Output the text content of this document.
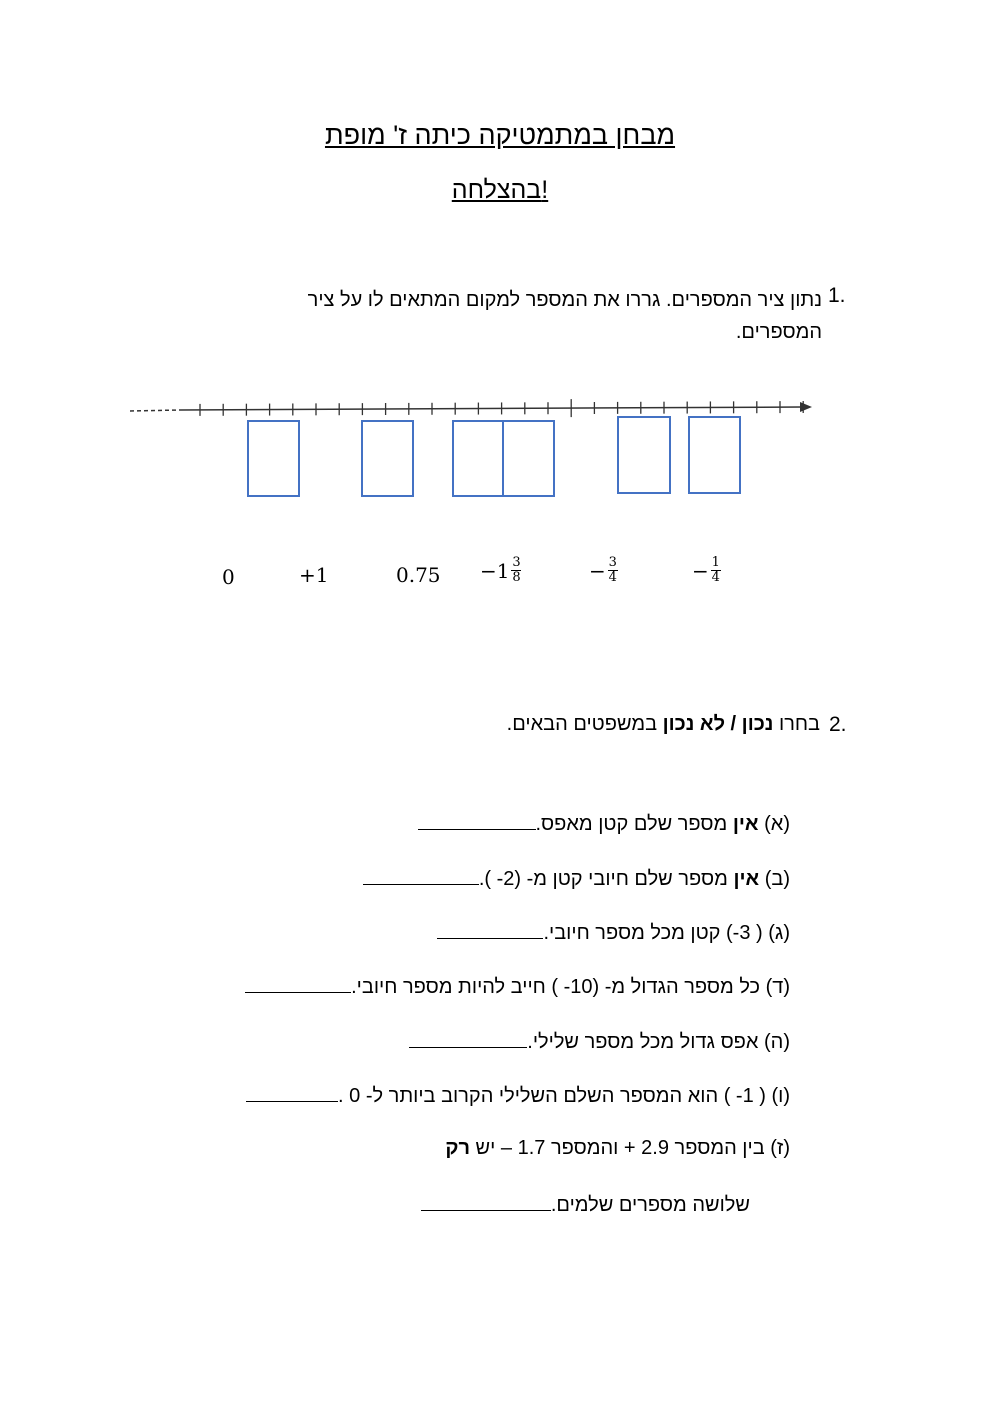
מבחן במתמטיקה כיתה ז' מופת
בהצלחה!
1.
נתון ציר המספרים. גררו את המספר למקום המתאים לו על ציר המספרים.
0	+1	$0.75 -1 \frac{3}{8}$	− $\frac{3}{4}$	− $\frac{1}{4}$
2.
בחרו נכון / לא נכון במשפטים הבאים.
(א) אין מספר שלם קטן מאפס.
(ב) אין מספר שלם חיובי קטן מ- (2- ).
(ג) ( 3-) קטן מכל מספר חיובי.
(ד) כל מספר הגדול מ- (10- ) חייב להיות מספר חיובי.
(ה) אפס גדול מכל מספר שלילי.
(ו) ( 1- ) הוא המספר השלם השלילי הקרוב ביותר ל- 0 .
(ז) בין המספר 2.9 + והמספר 1.7 – יש רק
שלושה מספרים שלמים.
